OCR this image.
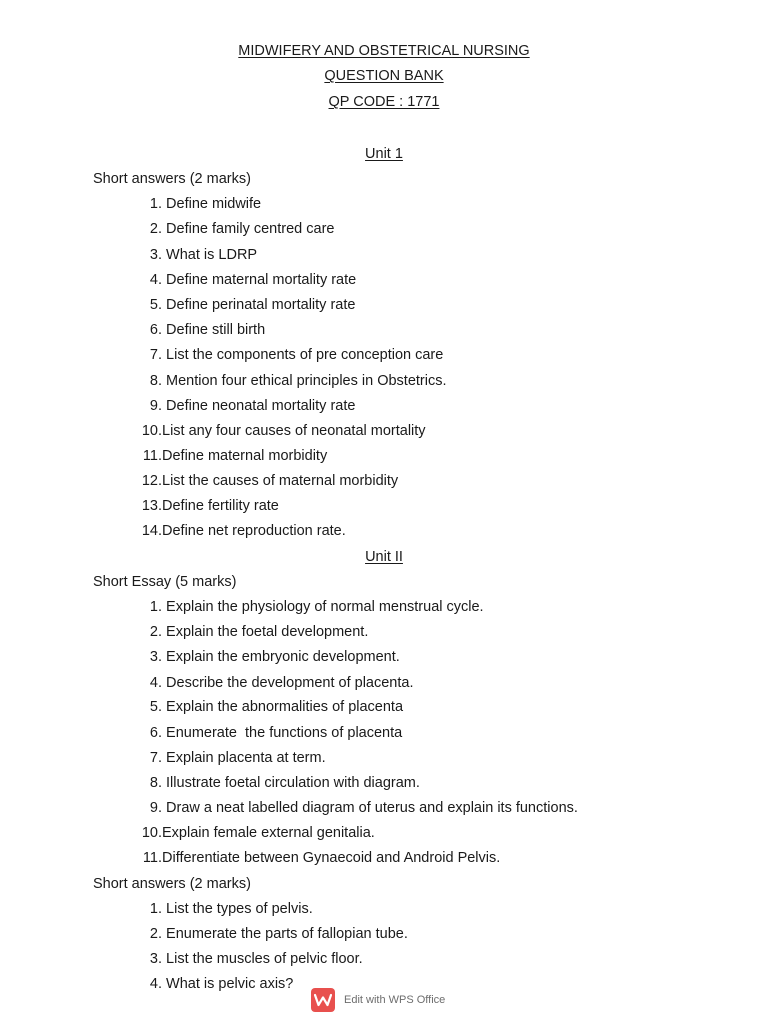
MIDWIFERY AND OBSTETRICAL NURSING
QUESTION BANK
QP CODE : 1771
Unit 1
Short answers (2 marks)
1. Define midwife
2. Define family centred care
3. What is LDRP
4. Define maternal mortality rate
5. Define perinatal mortality rate
6. Define still birth
7. List the components of pre conception care
8. Mention four ethical principles in Obstetrics.
9. Define neonatal mortality rate
10.List any four causes of neonatal mortality
11.Define maternal morbidity
12.List the causes of maternal morbidity
13.Define fertility rate
14.Define net reproduction rate.
Unit II
Short Essay (5 marks)
1. Explain the physiology of normal menstrual cycle.
2. Explain the foetal development.
3. Explain the embryonic development.
4. Describe the development of placenta.
5. Explain the abnormalities of placenta
6. Enumerate  the functions of placenta
7. Explain placenta at term.
8. Illustrate foetal circulation with diagram.
9. Draw a neat labelled diagram of uterus and explain its functions.
10.Explain female external genitalia.
11.Differentiate between Gynaecoid and Android Pelvis.
Short answers (2 marks)
1. List the types of pelvis.
2. Enumerate the parts of fallopian tube.
3. List the muscles of pelvic floor.
4. What is pelvic axis?
Edit with WPS Office
